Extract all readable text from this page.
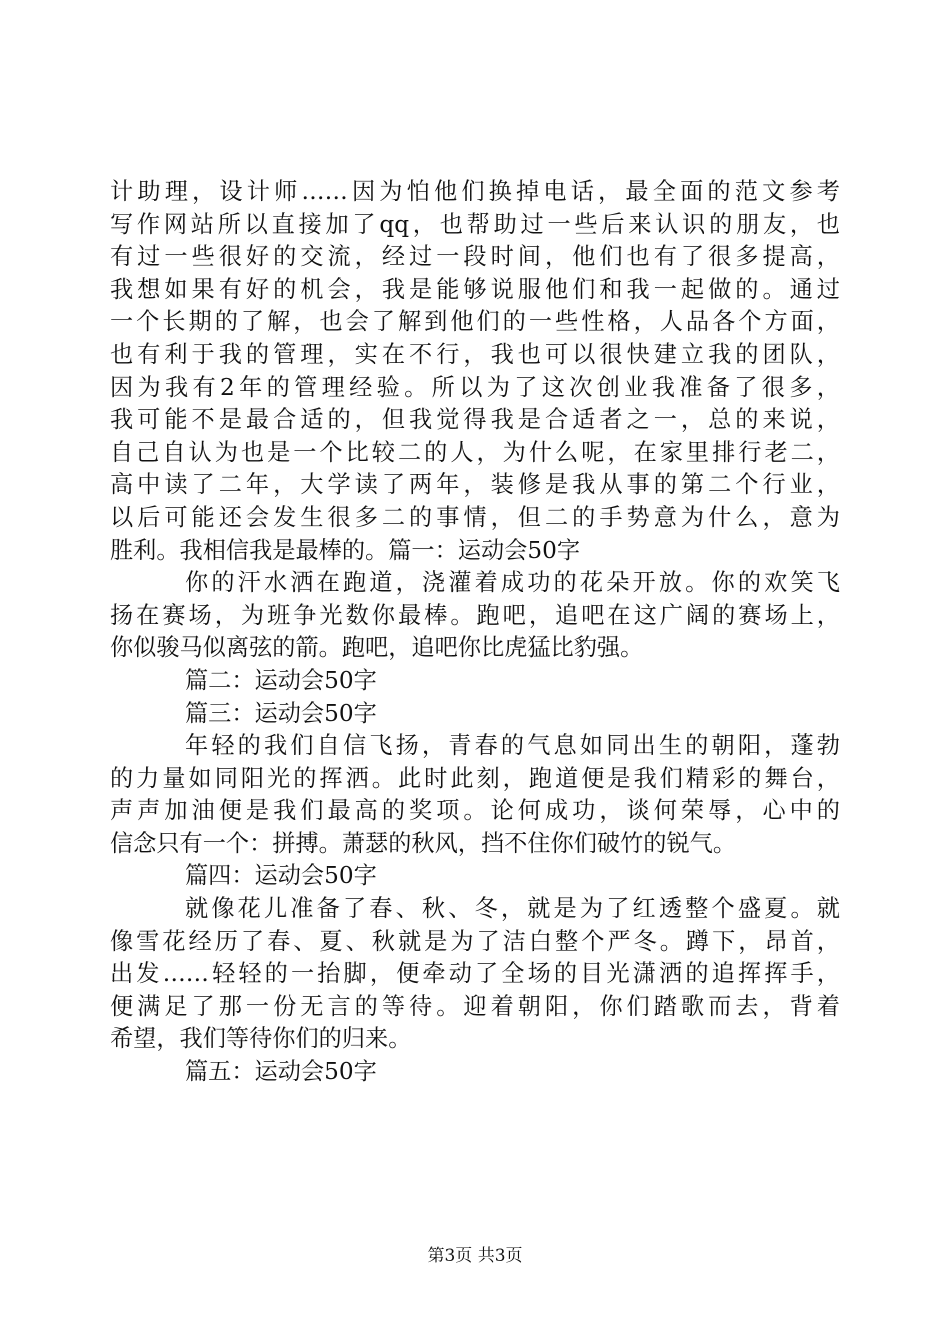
计助理，设计师……因为怕他们换掉电话，最全面的范文参考
写作网站所以直接加了qq，也帮助过一些后来认识的朋友，也
有过一些很好的交流，经过一段时间，他们也有了很多提高，
我想如果有好的机会，我是能够说服他们和我一起做的。通过
一个长期的了解，也会了解到他们的一些性格，人品各个方面，
也有利于我的管理，实在不行，我也可以很快建立我的团队，
因为我有2年的管理经验。所以为了这次创业我准备了很多，
我可能不是最合适的，但我觉得我是合适者之一，总的来说，
自己自认为也是一个比较二的人，为什么呢，在家里排行老二，
高中读了二年，大学读了两年，装修是我从事的第二个行业，
以后可能还会发生很多二的事情，但二的手势意为什么，意为
胜利。我相信我是最棒的。篇一：运动会50字
你的汗水洒在跑道，浇灌着成功的花朵开放。你的欢笑飞
扬在赛场，为班争光数你最棒。跑吧，追吧在这广阔的赛场上，
你似骏马似离弦的箭。跑吧，追吧你比虎猛比豹强。
篇二：运动会50字
篇三：运动会50字
年轻的我们自信飞扬，青春的气息如同出生的朝阳，蓬勃
的力量如同阳光的挥洒。此时此刻，跑道便是我们精彩的舞台，
声声加油便是我们最高的奖项。论何成功，谈何荣辱，心中的
信念只有一个：拼搏。萧瑟的秋风，挡不住你们破竹的锐气。
篇四：运动会50字
就像花儿准备了春、秋、冬，就是为了红透整个盛夏。就
像雪花经历了春、夏、秋就是为了洁白整个严冬。蹲下，昂首，
出发……轻轻的一抬脚，便牵动了全场的目光潇洒的追挥挥手，
便满足了那一份无言的等待。迎着朝阳，你们踏歌而去，背着
希望，我们等待你们的归来。
篇五：运动会50字
第3页 共3页
